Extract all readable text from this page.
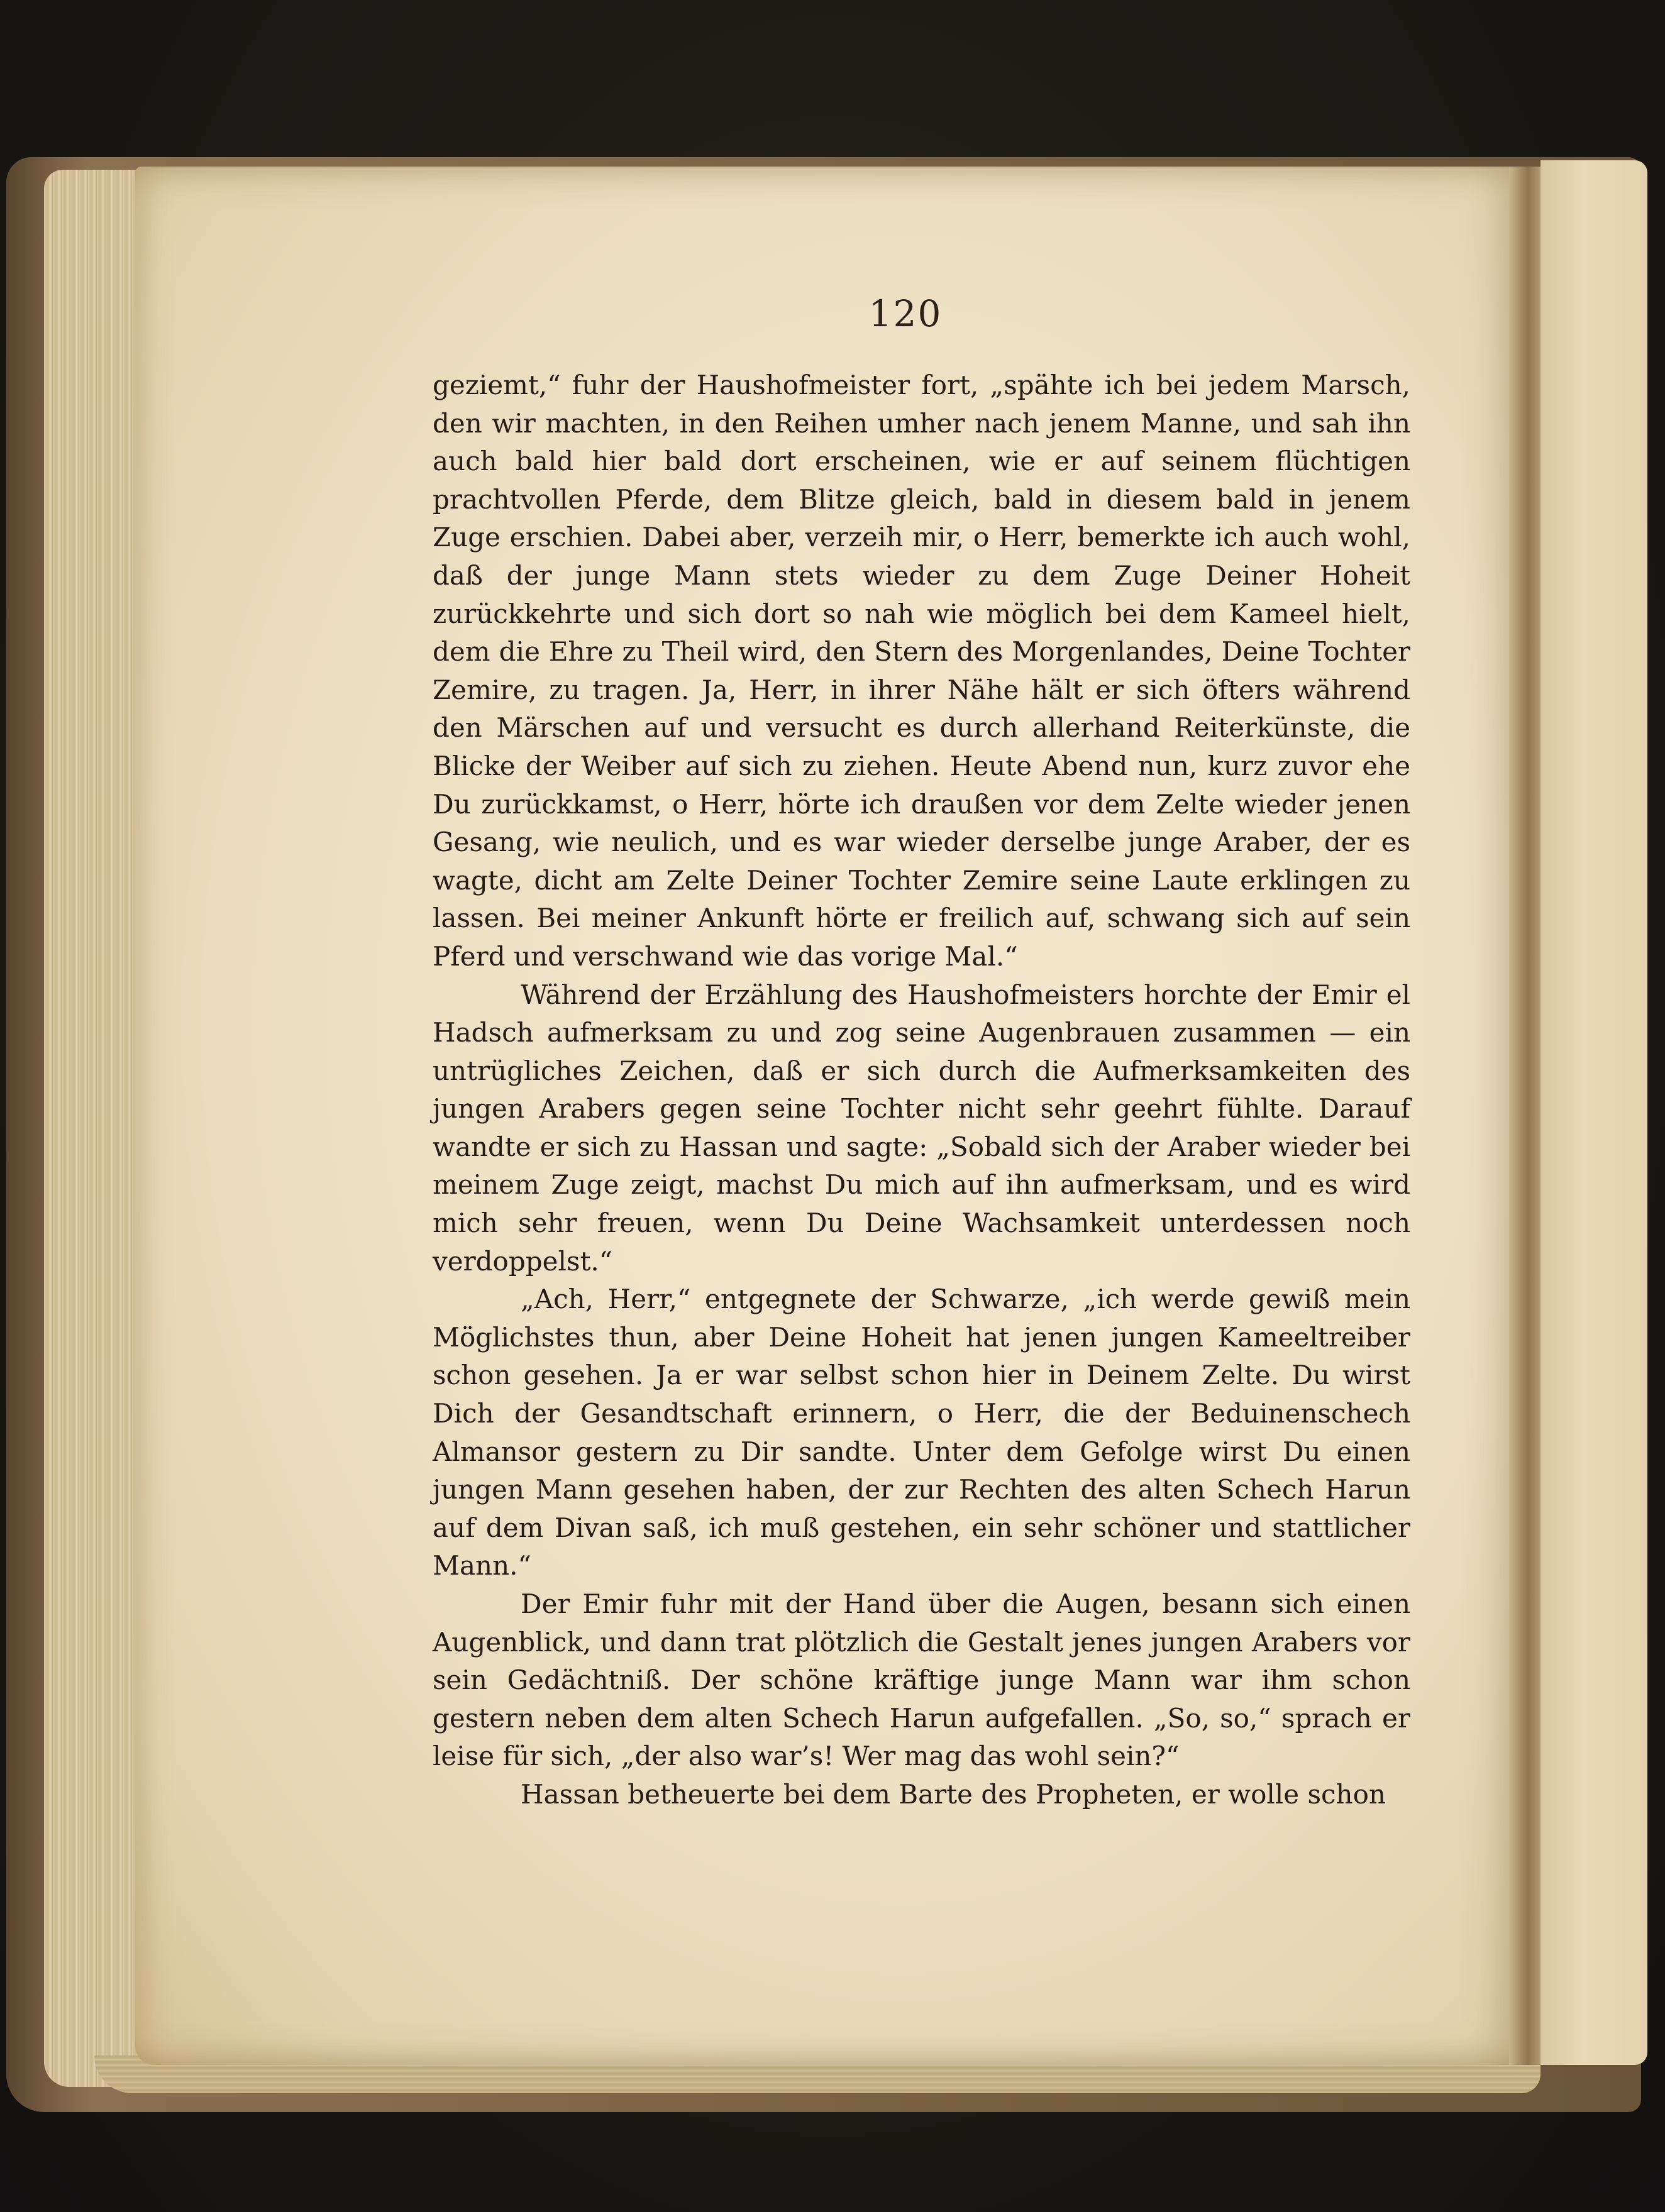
120

geziemt,“ fuhr der Haushofmeister fort, „spähte ich bei jedem Marsch, den wir machten, in den Reihen umher nach jenem Manne, und sah ihn auch bald hier bald dort erscheinen, wie er auf seinem flüchtigen prachtvollen Pferde, dem Blitze gleich, bald in diesem bald in jenem Zuge erschien. Dabei aber, verzeih mir, o Herr, bemerkte ich auch wohl, daß der junge Mann stets wieder zu dem Zuge Deiner Hoheit zurückkehrte und sich dort so nah wie möglich bei dem Kameel hielt, dem die Ehre zu Theil wird, den Stern des Morgenlandes, Deine Tochter Zemire, zu tragen. Ja, Herr, in ihrer Nähe hält er sich öfters während den Märschen auf und versucht es durch allerhand Reiterkünste, die Blicke der Weiber auf sich zu ziehen. Heute Abend nun, kurz zuvor ehe Du zurückkamst, o Herr, hörte ich draußen vor dem Zelte wieder jenen Gesang, wie neulich, und es war wieder derselbe junge Araber, der es wagte, dicht am Zelte Deiner Tochter Zemire seine Laute erklingen zu lassen. Bei meiner Ankunft hörte er freilich auf, schwang sich auf sein Pferd und verschwand wie das vorige Mal.“

Während der Erzählung des Haushofmeisters horchte der Emir el Hadsch aufmerksam zu und zog seine Augenbrauen zusammen — ein untrügliches Zeichen, daß er sich durch die Aufmerksamkeiten des jungen Arabers gegen seine Tochter nicht sehr geehrt fühlte. Darauf wandte er sich zu Hassan und sagte: „Sobald sich der Araber wieder bei meinem Zuge zeigt, machst Du mich auf ihn aufmerksam, und es wird mich sehr freuen, wenn Du Deine Wachsamkeit unterdessen noch verdoppelst.“

„Ach, Herr,“ entgegnete der Schwarze, „ich werde gewiß mein Möglichstes thun, aber Deine Hoheit hat jenen jungen Kameeltreiber schon gesehen. Ja er war selbst schon hier in Deinem Zelte. Du wirst Dich der Gesandtschaft erinnern, o Herr, die der Beduinenschech Almansor gestern zu Dir sandte. Unter dem Gefolge wirst Du einen jungen Mann gesehen haben, der zur Rechten des alten Schech Harun auf dem Divan saß, ich muß gestehen, ein sehr schöner und stattlicher Mann.“

Der Emir fuhr mit der Hand über die Augen, besann sich einen Augenblick, und dann trat plötzlich die Gestalt jenes jungen Arabers vor sein Gedächtniß. Der schöne kräftige junge Mann war ihm schon gestern neben dem alten Schech Harun aufgefallen. „So, so,“ sprach er leise für sich, „der also war’s! Wer mag das wohl sein?“

Hassan betheuerte bei dem Barte des Propheten, er wolle schon
